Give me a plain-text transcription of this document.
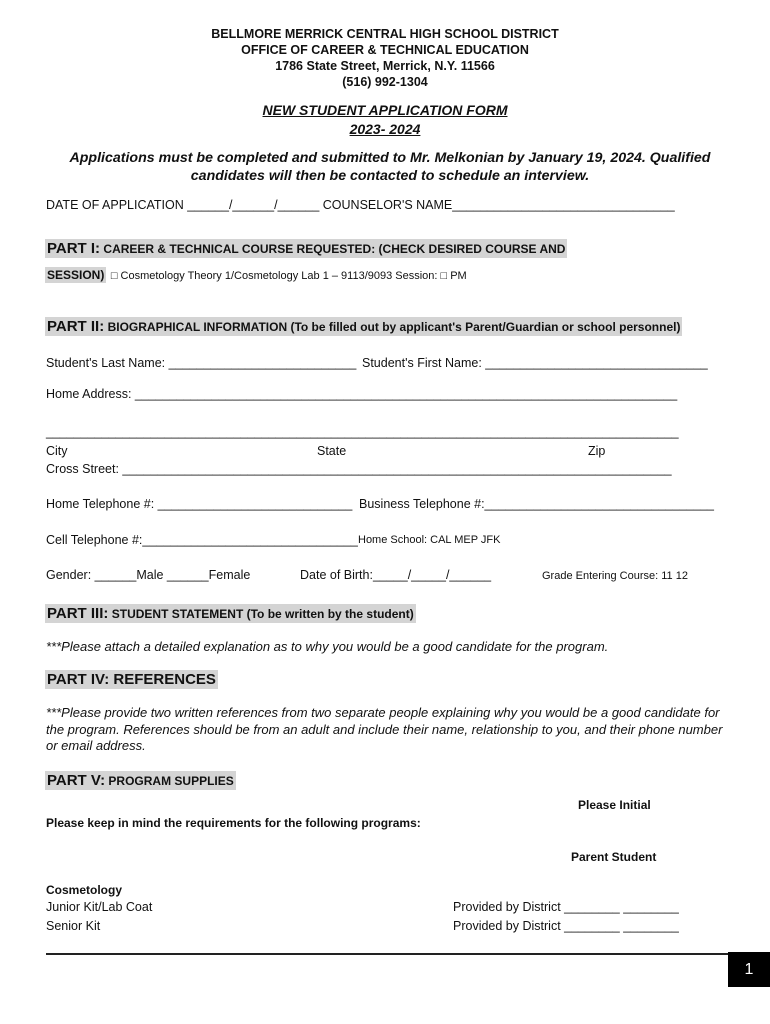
BELLMORE MERRICK CENTRAL HIGH SCHOOL DISTRICT
OFFICE OF CAREER & TECHNICAL EDUCATION
1786 State Street, Merrick, N.Y. 11566
(516) 992-1304
NEW STUDENT APPLICATION FORM
2023- 2024
Applications must be completed and submitted to Mr. Melkonian by January 19, 2024. Qualified candidates will then be contacted to schedule an interview.
DATE OF APPLICATION ______/______/______ COUNSELOR'S NAME________________________________
PART I: CAREER & TECHNICAL COURSE REQUESTED: (CHECK DESIRED COURSE AND
SESSION) □ Cosmetology Theory 1/Cosmetology Lab 1 – 9113/9093 Session: □ PM
PART II: BIOGRAPHICAL INFORMATION (To be filled out by applicant's Parent/Guardian or school personnel)
Student's Last Name: ___________________________ Student's First Name: ________________________________
Home Address: ______________________________________________________________________________
___________________________________________________________________________________________
City	State	Zip
Cross Street: _______________________________________________________________________________
Home Telephone #: ____________________________ Business Telephone #:_________________________________
Cell Telephone #:_______________________________ Home School: CAL MEP JFK
Gender: ______Male ______Female	Date of Birth:_____/_____/______	Grade Entering Course: 11 12
PART III: STUDENT STATEMENT (To be written by the student)
***Please attach a detailed explanation as to why you would be a good candidate for the program.
PART IV: REFERENCES
***Please provide two written references from two separate people explaining why you would be a good candidate for the program. References should be from an adult and include their name, relationship to you, and their phone number or email address.
PART V: PROGRAM SUPPLIES
Please Initial
Please keep in mind the requirements for the following programs:
Parent Student
Cosmetology
Junior Kit/Lab Coat	Provided by District ________ ________
Senior Kit	Provided by District ________ ________
1
